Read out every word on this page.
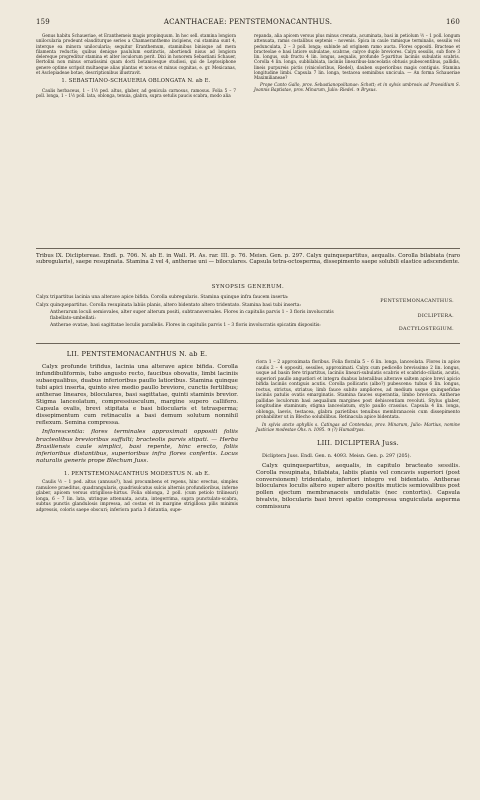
159	ACANTHACEAE: PENTSTEMONACANTHUS.	160

Genus habitu Schaueriae, et Eranthemeis magis propinquum. In hoc sell. stamina longiora unilocularia prodeunt elauditurque series a Chamaeranthemo incipiens, cui stamina sunt 4, interque ea minora unilocularia; sequitur Eranthemum, staminibus binisque ad mera filamenta reductis; quibus denique paululum exstinctis, abortiendi nisus ad longiora delereque progreditur stamina et alter loculorum perit. Dixi in honorem Sebastiani Schauer, Bertolini non minus ornatissimi quam docti botanicesque studiosi, qui de Leptosiphone genere optime scripsit multaeque alias plantas et novas et minus cognitas, e. gr. Mexicanas, et Asclepiadeae botae, descriptionibus illustravit.

1. SEBASTIANO-SCHAUERIA OBLONGATA N. ab E.

Caulis herbaceus, 1 – 1½ ped. altus, glaber, ad genicula carnosus, ramosus. Folia 5 – 7 poll. longa, 1 – 1½ poll. lata, oblonga, tenuia, glabra, supra setulis paucis scabra, modo alia

repanda, alia apicem versus plus minus crenata, acuminata, basi in petiolum ½ – 1 poll. longum attenuata, ramis costalibus septenis – novenis. Spica in caule ramisque terminalis, sessilis vel pedunculata, 2 – 3 poll. longa; subinde ad originem ramo aucta. Flores oppositi. Bracteae et bracteolae e basi latiore subulatae, scabrae, calyce duplo breviores. Calyx sessilis, sub flore 3 lin. longus, sub fructu 4 lin. longus, aequalis, profunde 5-partitus laciniis subulatis scabris. Corolla 4 lin. longa, subbilabiata, laciniis linearibus-lanceolatis obtusis pubescentibus, pallidis, lineis purpureis pictis (vinicoloribus, Riedel), dauben superioribus magis contiguis. Stamina longitudine limbi. Capsula 7 lin. longa, testacea seminibus uncicula. — An forma Schaueriae Maximilianeae?

Prope Canto Gallo, prov. Sebastianopolitanae: Schott; et in sylvis umbrosis ad Praesidium S. Joannis Baptistae, prov. Minarum, Julio: Riedel. ♃ Brysus.

Tribus IX. Dicliptereae. Endl. p. 706. N. ab E. in Wall. Pl. As. rar. III. p. 76. Meisn. Gen. p. 297. Calyx quinquepartitus, aequalis. Corolla bilabiata (raro subregularis), saepe resupinata. Stamina 2 vel 4, antherae uni — biloculares. Capsula tetra-octosperma, dissepimento saepe solubili elastice adscendente.
SYNOPSIS GENERUM.
Calyx tripartitus lacinia una alterave apice bifida. Corolla subregularis. Stamina quinque infra faucem inserta:
PENTSTEMONACANTHUS.
Calyx quinquepartitus. Corolla resupinata labiis planis, altero bidentato altero tridentato. Stamina basi tubi inserta:
Antherarum loculi semiovales, alter super alterum positi, subtransversales. Flores in capitulis parvis 1 – 3 floris involucratis flabellato-umbellati:	DICLIPTERA.
Antherae ovatae, basi sagittatae loculis parallelis. Flores in capitulis parvis 1 – 3 floris involucratis spicatim dispositis:
DACTYLOSTEGIUM.
LII. PENTSTEMONACANTHUS N. ab E.

Calyx profunde trifidus, lacinia una alterave apice bifida. Corolla infundibuliformis, tubo angusto recto, faucibus obovatis, limbi laciniis subaequalibus, duabus inferioribus paullo latioribus. Stamina quinque tubi apici inserta, quinto sive medio paullo breviore, cunctis fertilibus; antherae lineares, biloculares, basi sagittatae, quinti staminis brevior. Stigma lanceolatum, compressiusculum, margine supero callifero. Capsula ovalis, brevi stipitata e basi bilocularis et tetrasperma; dissepimentum cum retinaculis a basi demum solutum nonnihil reflexum. Semina compressa.

Inflorescentia: flores terminales approximati oppositi foliis bracteolibus brevioribus suffulti; bracteolis parvis stipati. — Herba Brasiliensis caule simplici, basi repente, hinc erecto, foliis inferioribus distantibus, superioribus infra flores confertis. Locus naturalis generis prope Blechum Juss.

1. PENTSTEMONACANTHUS MODESTUS N. ab E.

Caulis ½ – 1 ped. altus (annuus?), basi procumbens et repens, hinc erectus, simplex ramulove praeditus, quadrangularis, quadrisulcatus sulcis alternis profundioribus, inferne glaber, apicem versus strigilloso-hirtus. Folia oblonga, 2 poll. (cum petiolo trilineari) longa, 6 – 7 lin. lata, utrinque attenuata, acuta, integerrima, supra punctulato-scabra, subtus punctis glandulosis impressa, ad costas et in margine strigillosa pilis minimis adpressis, coloris saepe obscuri; inferiora paria 3 distantia, supe-

riora 1 – 2 approximata floribus. Folia floralia 5 – 6 lin. longa, lanceolata. Flores in apice caulis 2 – 4 oppositi, sessiles, approximati. Calyx cum pedicello brevissimo 2 lin. longus, usque ad basin fere tripartitus, laciniis lineari-subulatis scabris et scabrido-ciliatis, acutis, superiori paullo angustiori et integra duabus lateralibus alterave saltem apice brevi apicio bifida laciniis contiguis acutis. Corolla pollicaris (albo?) pubescens: tubus 6 lin. longus, rectus, strictus, striatus; limb fauce subito ampliores, ad medium usque quinquefidae laciniis patulis ovatis emarginatis. Stamina fauces superantia, limbo breviora. Antherae pallidae loculorum basi aequalium margines post dehiscentiam revoluti. Stylus glaber, longitudine staminum; stigma lanceolatum, stylo paullo crassius. Capsula 4 lin. longa, oblonga, laevis, testacea, glabra parietibus tenuibus membranaceis cum dissepimento probabiliter ut in Blecho solubilibus. Retinacula apice bidentata.

In sylvis ancto aphyllis s. Catingas ad Contendas, prov. Minarum, Julio: Martius, nomine Justiciae modestae Ohs. n. 1095. ♃ (?) Humadryas.

LIII. DICLIPTERA Juss.

Dicliptera Juss. Endl. Gen. n. 4093. Meisn. Gen. p. 297 (205).

Calyx quinquepartitus, aequalis, in capitulo bracteato sessilis. Corolla resupinata, bilabiata, labiis planis vel concavis superiori (post conversionem) tridentato, inferiori integro vel bidentato. Antherae biloculares loculis altero super altero positis muticis semiovalibus post pollen ejectum membranaceis undulatis (nec contortis). Capsula bivalvis, bilocularis basi brevi spatio compressa unguiculata asperma commissura
